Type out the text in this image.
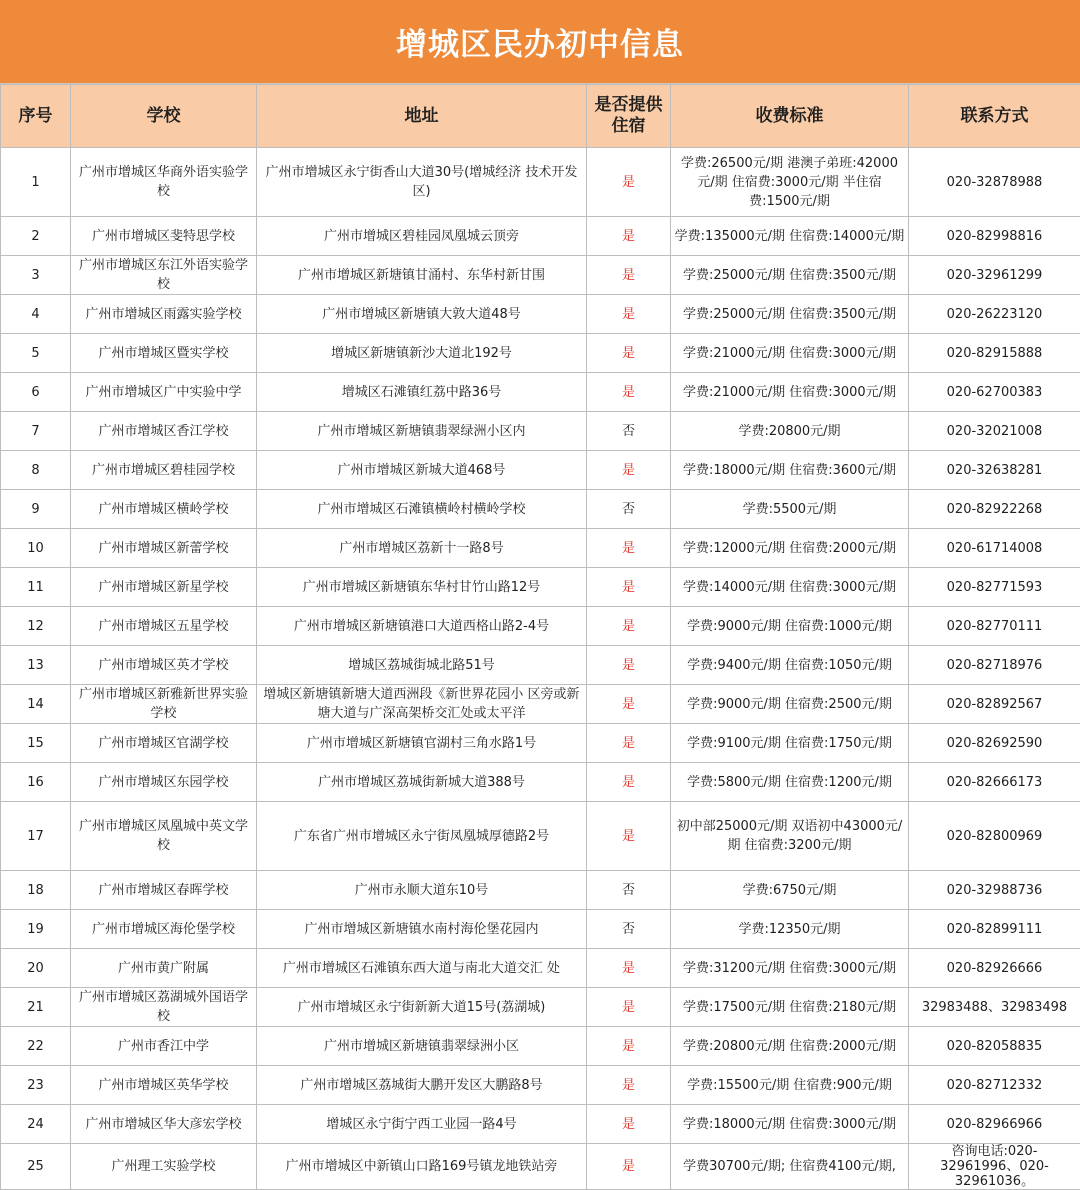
增城区民办初中信息
序号	学校	地址	是否提供住宿	收费标准	联系方式
1	广州市增城区华商外语实验学校	广州市增城区永宁街香山大道30号(增城经济 技术开发区)	是	学费:26500元/期 港澳子弟班:42000元/期 住宿费:3000元/期 半住宿费:1500元/期	020-32878988
2	广州市增城区斐特思学校	广州市增城区碧桂园凤凰城云顶旁	是	学费:135000元/期 住宿费:14000元/期	020-82998816
3	广州市增城区东江外语实验学校	广州市增城区新塘镇甘涌村、东华村新甘围	是	学费:25000元/期 住宿费:3500元/期	020-32961299
4	广州市增城区雨露实验学校	广州市增城区新塘镇大敦大道48号	是	学费:25000元/期 住宿费:3500元/期	020-26223120
5	广州市增城区暨实学校	增城区新塘镇新沙大道北192号	是	学费:21000元/期 住宿费:3000元/期	020-82915888
6	广州市增城区广中实验中学	增城区石滩镇红荔中路36号	是	学费:21000元/期 住宿费:3000元/期	020-62700383
7	广州市增城区香江学校	广州市增城区新塘镇翡翠绿洲小区内	否	学费:20800元/期	020-32021008
8	广州市增城区碧桂园学校	广州市增城区新城大道468号	是	学费:18000元/期 住宿费:3600元/期	020-32638281
9	广州市增城区横岭学校	广州市增城区石滩镇横岭村横岭学校	否	学费:5500元/期	020-82922268
10	广州市增城区新蕾学校	广州市增城区荔新十一路8号	是	学费:12000元/期 住宿费:2000元/期	020-61714008
11	广州市增城区新星学校	广州市增城区新塘镇东华村甘竹山路12号	是	学费:14000元/期 住宿费:3000元/期	020-82771593
12	广州市增城区五星学校	广州市增城区新塘镇港口大道西格山路2-4号	是	学费:9000元/期 住宿费:1000元/期	020-82770111
13	广州市增城区英才学校	增城区荔城街城北路51号	是	学费:9400元/期 住宿费:1050元/期	020-82718976
14	广州市增城区新雅新世界实验学校	增城区新塘镇新塘大道西洲段《新世界花园小 区旁或新塘大道与广深高架桥交汇处或太平洋	是	学费:9000元/期 住宿费:2500元/期	020-82892567
15	广州市增城区官湖学校	广州市增城区新塘镇官湖村三角水路1号	是	学费:9100元/期 住宿费:1750元/期	020-82692590
16	广州市增城区东园学校	广州市增城区荔城街新城大道388号	是	学费:5800元/期 住宿费:1200元/期	020-82666173
17	广州市增城区凤凰城中英文学校	广东省广州市增城区永宁街凤凰城厚德路2号	是	初中部25000元/期 双语初中43000元/期 住宿费:3200元/期	020-82800969
18	广州市增城区春晖学校	广州市永顺大道东10号	否	学费:6750元/期	020-32988736
19	广州市增城区海伦堡学校	广州市增城区新塘镇水南村海伦堡花园内	否	学费:12350元/期	020-82899111
20	广州市黄广附属	广州市增城区石滩镇东西大道与南北大道交汇 处	是	学费:31200元/期 住宿费:3000元/期	020-82926666
21	广州市增城区荔湖城外国语学校	广州市增城区永宁街新新大道15号(荔湖城)	是	学费:17500元/期 住宿费:2180元/期	32983488、32983498
22	广州市香江中学	广州市增城区新塘镇翡翠绿洲小区	是	学费:20800元/期 住宿费:2000元/期	020-82058835
23	广州市增城区英华学校	广州市增城区荔城街大鹏开发区大鹏路8号	是	学费:15500元/期 住宿费:900元/期	020-82712332
24	广州市增城区华大彦宏学校	增城区永宁街宁西工业园一路4号	是	学费:18000元/期 住宿费:3000元/期	020-82966966
25	广州理工实验学校	广州市增城区中新镇山口路169号镇龙地铁站旁	是	学费30700元/期; 住宿费4100元/期,	咨询电话:020-32961996、020-32961036。
